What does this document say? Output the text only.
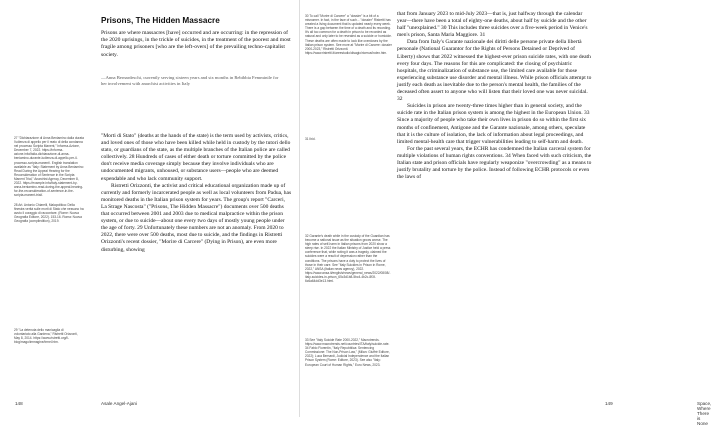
Prisons, The Hidden Massacre
Prisons are where massacres [have] occurred and are occurring: in the repression of the 2020 uprisings, in the trickle of suicides, in the treatment of the poorest and most fragile among prisoners [who are the left-overs] of the prevailing techno-capitalist society.
—Anna Bernardeschi, currently serving sixteen years and six months in Rebibbia Femminile for her involvement with anarchist activities in Italy
27 "Dichiarazione di Anna Beniamino dalla durata l'udienza di appello per il reato di della condanna nel processo Scripta Manent," Informa-Azione, December 7, 2022. https://informa-azione.info/italia-dichiarazione-di-anna-beniamino-durante-ludienza-di-appello-per-il-processo-scripta-manent/. English translation available as "Italy: Statement by Anna Beniamino Read During the Appeal Hearing for the Reconsideration of Sentence in the Scripta Manent Trial," Anarchist Agency, December 8, 2022. https://example.info/italy-statement-by-anna-beniamino-read-during-the-appeal-hearing-for-the-reconsideration-of-sentence-in-the-scripta-manent-trial/.
28 Art. Antonio Chiarelli, Malapolitica: Della finestra verità sulle morti di Stato che nessuno ha avuto il coraggio di raccontare. (Rome: Nuova Geografia Editore, 2022). 153-16. Roma: Nuova Geografia (compiledition), 2019.
29 "La detenuta dello manicaglia di volontariato alla Gardena," Ristretti Orizzonti, May 8, 2014. https://www.ristretti.org/il-blog/mago/immagine/Irmel.htm.

"Morti di Stato" (deaths at the hands of the state) is the term used by activists, critics, and loved ones of those who have been killed while held in custody by the tutori dello stato, or guardians of the state, as the multiple branches of the Italian police are called collectively. 28 Hundreds of cases of either death or torture committed by the police don't receive media coverage simply because they involve individuals who are undocumented migrants, unhoused, or substance users—people who are deemed expendable and who lack community support.

Ristretti Orizzonti, the activist and critical educational organization made up of currently and formerly incarcerated people as well as local volunteers from Padua, has monitored deaths in the Italian prison system for years. The group's report "Carceri, La Strage Nascosta" ("Prisons, The Hidden Massacre") documents over 500 deaths that occurred between 2001 and 2003 due to medical malpractice within the prison system, or due to suicide—about one every two days of mostly young people under the age of forty. 29 Unfortunately these numbers are not an anomaly. From 2020 to 2022, there were over 500 deaths, most due to suicide, and the findings in Ristretti Orizzonti's recent dossier, "Morire di Carcere" (Dying in Prison), are even more disturbing, showing

148	Asale Angel-Ajani
30 To call "Morire di Carcere" a "dossier" is a bit of a misnomer. In fact, in the face of such... "dossier" Ristretti has created a living document that is updated nearly every week. There is a gap between the time of a death and its recording. It's all too common for a death in prison to be recorded as natural and only later to be revealed as a suicide or homicide. These deaths are often made to look like overdoses by the Italian prison system. See more at "Morire di Carcere: dossier 2000-2023," Ristretti Orizzonti. https://www.ristretti.it/areestudio/disagio/ricerca/index.htm.
31 Ibid.
32 Garante's death while in the custody of the Guardian has become a national issue as the situation grows worse. The high rates of self-harm in Italian prisons from 2020 show a steep rise. In 2022 the Italian Ministry of Justice held a press conference that, while noting it was a tragedy, claimed the suicides were a result of depression rather than the conditions. The prisons have a duty to protect the lives of those in their care. See "Italy Suicides in Prison in Rome, 2022," ANSA (Italian news agency), 2022. https://www.ansa.it/english/news/general_news/2022/08/08/-italy-suicides-in-prison_65c3d1b8-5bc4-4b2c-8f3f-6c6a64dd3e13.html.
33 See "Italy Suicide Rate 2000-2022," Macrotrends. https://www.macrotrends.net/countries/ITA/italy/suicide-rate.
34 Fabio Fiorentin, "Italy Repubblica: Sentencing Commissione: The Non-Prison Law," (Milan: Giuffrè Editore, 2022); Luca Bernardi, Judicial Independence and the Italian Prison System (Rome: Editore, 2023). See also "Italy: European Court of Human Rights," Euro News, 2023.

that from January 2023 to mid-July 2023—that is, just halfway through the calendar year—there have been a total of eighty-one deaths, about half by suicide and the other half "unexplained." 30 This includes three suicides over a five-week period in Venice's men's prison, Santa Maria Maggiore. 31

Data from Italy's Garante nazionale dei diritti delle persone private della libertà personale (National Guarantor for the Rights of Persons Detained or Deprived of Liberty) shows that 2022 witnessed the highest-ever prison suicide rates, with one death every four days. The reasons for this are complicated: the closing of psychiatric hospitals, the criminalization of substance use, the limited care available for those experiencing substance use disorder and mental illness. While prison officials attempt to justify each death as inevitable due to the person's mental health, the families of the deceased often assert to anyone who will listen that their loved one was never suicidal. 32

Suicides in prison are twenty-three times higher than in general society, and the suicide rate in the Italian prison system is among the highest in the European Union. 33 Since a majority of people who take their own lives in prison do so within the first six months of confinement, Antigone and the Garante nazionale, among others, speculate that it is the culture of isolation, the lack of information about legal proceedings, and limited mental-health care that trigger vulnerabilities leading to self-harm and death.

For the past several years, the ECHR has condemned the Italian carceral system for multiple violations of human rights conventions. 34 When faced with such criticism, the Italian state and prison officials have regularly weaponize "overcrowding" as a means to justify brutality and torture by the police. Instead of following ECHR protocols or even the laws of

149	Space, Where There is None
